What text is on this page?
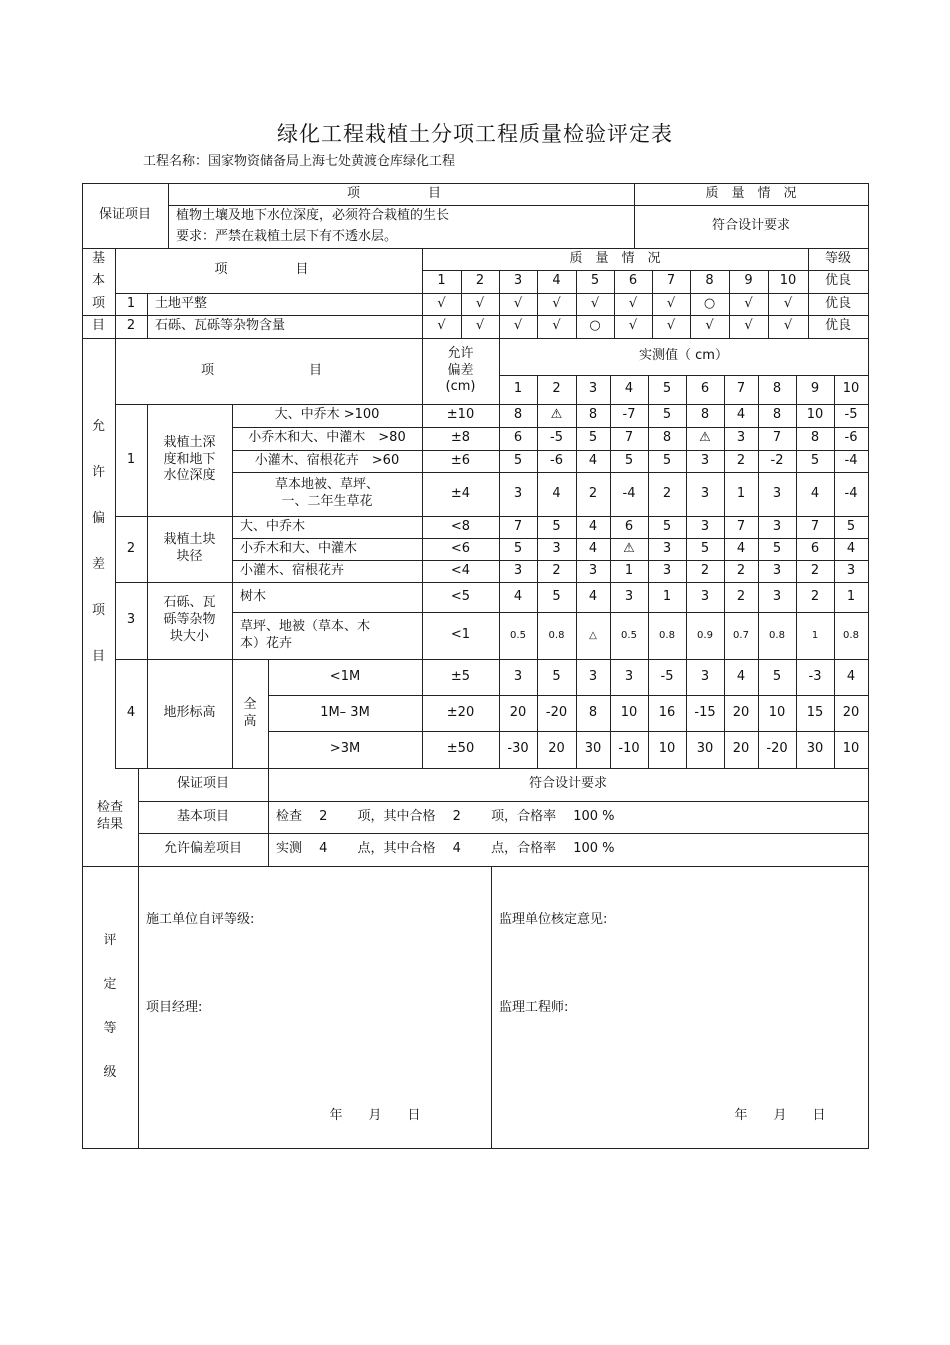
绿化工程栽植土分项工程质量检验评定表
工程名称：国家物资储备局上海七处黄渡仓库绿化工程
项　　目	质　量　情　况
保证项目	植物土壤及地下水位深度，必须符合栽植的生长
要求：严禁在栽植土层下有不透水层。
符合设计要求
基
本
项
目
项　　目
质　量　情　况	等级
1	2	3	4	5	6	7	8	9	10	优良
1	土地平整	√	√	√	√	√	√	√	○	√	√	优良
2	石砾、瓦砾等杂物含量	√	√	√	√	○	√	√	√	√	√	优良
允
许
偏
差
项
目
项　　　目
允许
偏差
(cm)
实测值（ cm）
1	2	3	4	5	6	7	8	9	10
1
栽植土深
度和地下
水位深度
大、中乔木 >100	±10	8	⚠	8	-7	5	8	4	8	10	-5
小乔木和大、中灌木　>80	±8	6	-5	5	7	8	⚠	3	7	8	-6
小灌木、宿根花卉　>60	±6	5	-6	4	5	5	3	2	-2	5	-4
草本地被、草坪、
一、二年生草花
±4	3	4	2	-4	2	3	1	3	4	-4
2
栽植土块
块径
大、中乔木	<8	7	5	4	6	5	3	7	3	7	5
小乔木和大、中灌木	<6	5	3	4	⚠	3	5	4	5	6	4
小灌木、宿根花卉	<4	3	2	3	1	3	2	2	3	2	3
3
石砾、瓦
砾等杂物
块大小
树木	<5	4	5	4	3	1	3	2	3	2	1
草坪、地被（草本、木
本）花卉
<1	0.5	0.8	△	0.5	0.8	0.9	0.7	0.8	1	0.8
4	地形标高
全
高
<1M	±5	3	5	3	3	-5	3	4	5	-3	4
1M– 3M	±20	20	-20	8	10	16	-15	20	10	15	20
>3M	±50	-30	20	30	-10	10	30	20	-20	30	10
检查
结果
保证项目	符合设计要求
基本项目	检查　 2　　 项，其中合格　 2　　 项，合格率　 100 %
允许偏差项目	实测　 4　　 点，其中合格　 4　　 点，合格率　 100 %
评
定
等
级
施工单位自评等级:
项目经理:
年　　月　　日
监理单位核定意见:
监理工程师:
年　　月　　日
